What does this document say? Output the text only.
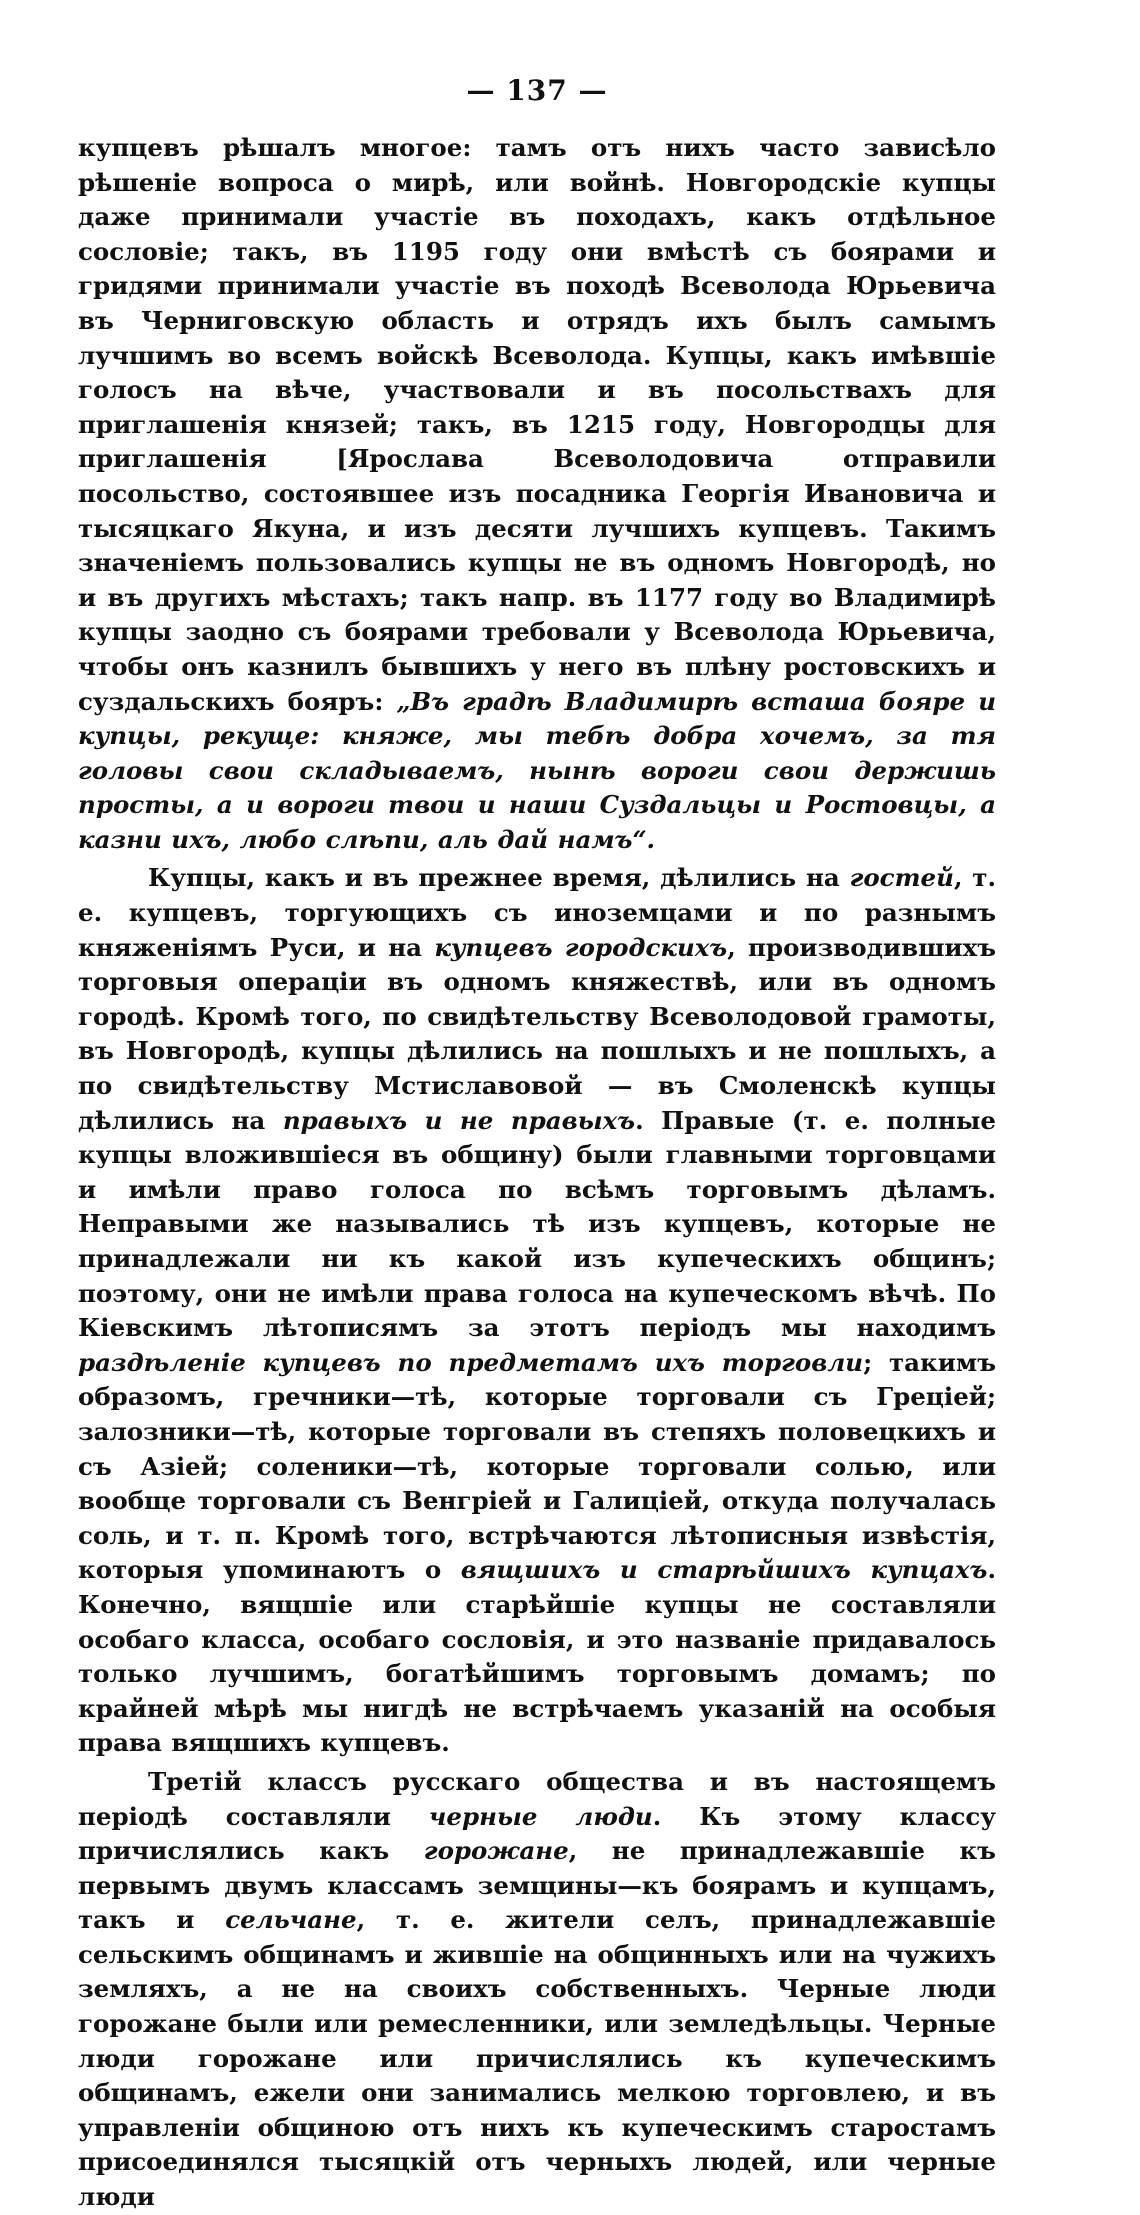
— 137 —

купцевъ рѣшалъ многое: тамъ отъ нихъ часто зависѣло рѣшеніе вопроса о мирѣ, или войнѣ. Новгородскіе купцы даже принимали участіе въ походахъ, какъ отдѣльное сословіе; такъ, въ 1195 году они вмѣстѣ съ боярами и гридями принимали участіе въ походѣ Всеволода Юрьевича въ Черниговскую область и отрядъ ихъ былъ самымъ лучшимъ во всемъ войскѣ Всеволода. Купцы, какъ имѣвшіе голосъ на вѣче, участвовали и въ посольствахъ для приглашенія князей; такъ, въ 1215 году, Новгородцы для приглашенія [Ярослава Всеволодовича отправили посольство, состоявшее изъ посадника Георгія Ивановича и тысяцкаго Якуна, и изъ десяти лучшихъ купцевъ. Такимъ значеніемъ пользовались купцы не въ одномъ Новгородѣ, но и въ другихъ мѣстахъ; такъ напр. въ 1177 году во Владимирѣ купцы заодно съ боярами требовали у Всеволода Юрьевича, чтобы онъ казнилъ бывшихъ у него въ плѣну ростовскихъ и суздальскихъ бояръ: „Въ градѣ Владимирѣ всташа бояре и купцы, рекуще: княже, мы тебѣ добра хочемъ, за тя головы свои складываемъ, нынѣ вороги свои держишь просты, а и вороги твои и наши Суздальцы и Ростовцы, а казни ихъ, любо слѣпи, аль дай намъ“.

Купцы, какъ и въ прежнее время, дѣлились на гостей, т. е. купцевъ, торгующихъ съ иноземцами и по разнымъ княженіямъ Руси, и на купцевъ городскихъ, производившихъ торговыя операціи въ одномъ княжествѣ, или въ одномъ городѣ. Кромѣ того, по свидѣтельству Всеволодовой грамоты, въ Новгородѣ, купцы дѣлились на пошлыхъ и не пошлыхъ, а по свидѣтельству Мстиславовой — въ Смоленскѣ купцы дѣлились на правыхъ и не правыхъ. Правые (т. е. полные купцы вложившіеся въ общину) были главными торговцами и имѣли право голоса по всѣмъ торговымъ дѣламъ. Неправыми же назывались тѣ изъ купцевъ, которые не принадлежали ни къ какой изъ купеческихъ общинъ; поэтому, они не имѣли права голоса на купеческомъ вѣчѣ. По Кіевскимъ лѣтописямъ за этотъ періодъ мы находимъ раздѣленіе купцевъ по предметамъ ихъ торговли; такимъ образомъ, гречники—тѣ, которые торговали съ Греціей; залозники—тѣ, которые торговали въ степяхъ половецкихъ и съ Азіей; соленики—тѣ, которые торговали солью, или вообще торговали съ Венгріей и Галиціей, откуда получалась соль, и т. п. Кромѣ того, встрѣчаются лѣтописныя извѣстія, которыя упоминаютъ о вящшихъ и старѣйшихъ купцахъ. Конечно, вящшіе или старѣйшіе купцы не составляли особаго класса, особаго сословія, и это названіе придавалось только лучшимъ, богатѣйшимъ торговымъ домамъ; по крайней мѣрѣ мы нигдѣ не встрѣчаемъ указаній на особыя права вящшихъ купцевъ.

Третій классъ русскаго общества и въ настоящемъ періодѣ составляли черные люди. Къ этому классу причислялись какъ горожане, не принадлежавшіе къ первымъ двумъ классамъ земщины—къ боярамъ и купцамъ, такъ и сельчане, т. е. жители селъ, принадлежавшіе сельскимъ общинамъ и жившіе на общинныхъ или на чужихъ земляхъ, а не на своихъ собственныхъ. Черные люди горожане были или ремесленники, или земледѣльцы. Черные люди горожане или причислялись къ купеческимъ общинамъ, ежели они занимались мелкою торговлею, и въ управленіи общиною отъ нихъ къ купеческимъ старостамъ присоединялся тысяцкій отъ черныхъ людей, или черные люди
